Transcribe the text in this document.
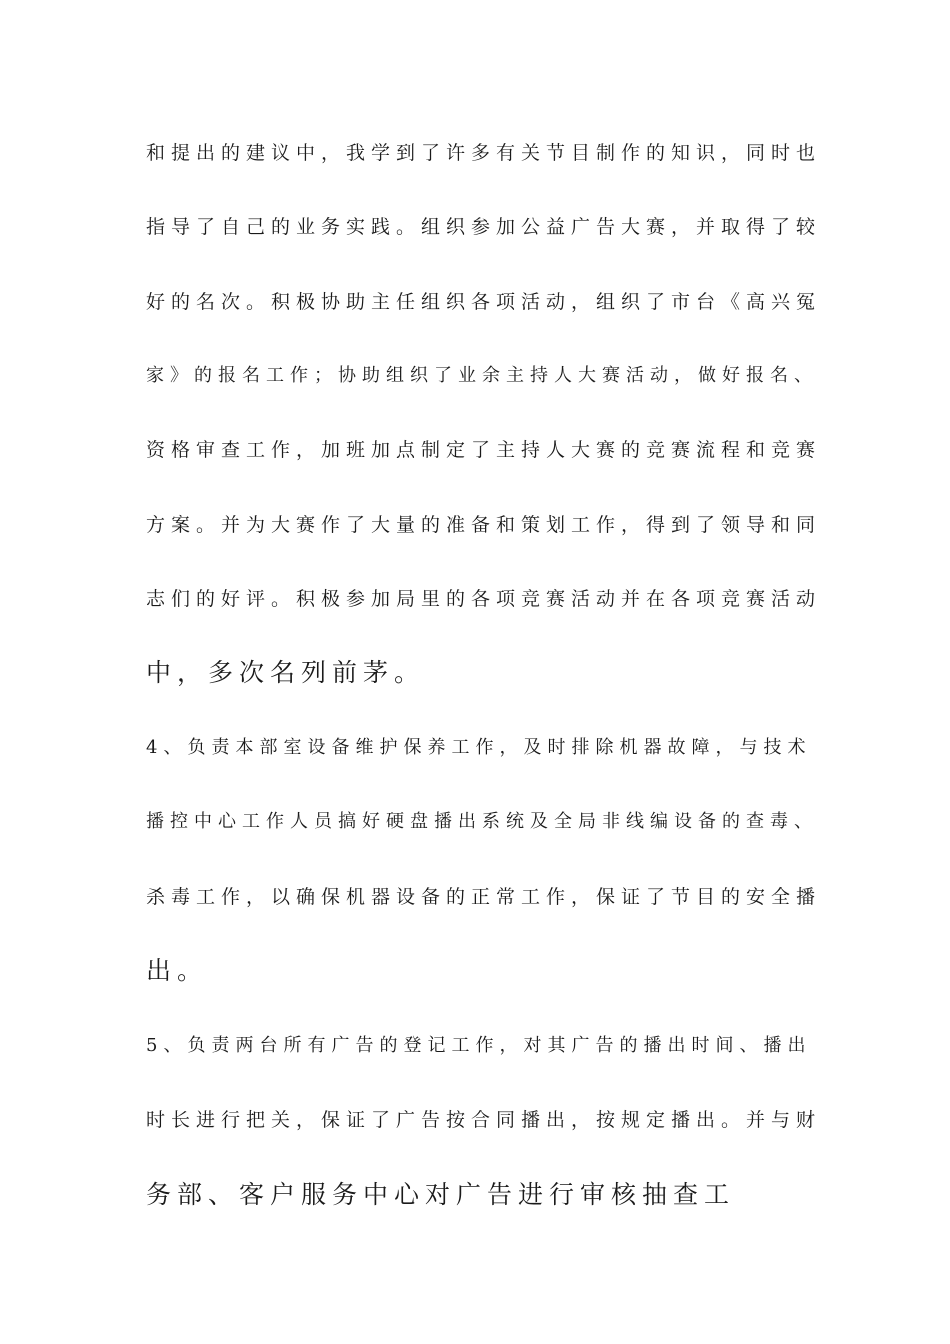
和提出的建议中，我学到了许多有关节目制作的知识，同时也
指导了自己的业务实践。组织参加公益广告大赛，并取得了较
好的名次。积极协助主任组织各项活动，组织了市台《高兴冤
家》的报名工作；协助组织了业余主持人大赛活动，做好报名、
资格审查工作，加班加点制定了主持人大赛的竞赛流程和竞赛
方案。并为大赛作了大量的准备和策划工作，得到了领导和同
志们的好评。积极参加局里的各项竞赛活动并在各项竞赛活动
中，多次名列前茅。
4、负责本部室设备维护保养工作，及时排除机器故障，与技术
播控中心工作人员搞好硬盘播出系统及全局非线编设备的查毒、
杀毒工作，以确保机器设备的正常工作，保证了节目的安全播
出。
5、负责两台所有广告的登记工作，对其广告的播出时间、播出
时长进行把关，保证了广告按合同播出，按规定播出。并与财
务部、客户服务中心对广告进行审核抽查工
